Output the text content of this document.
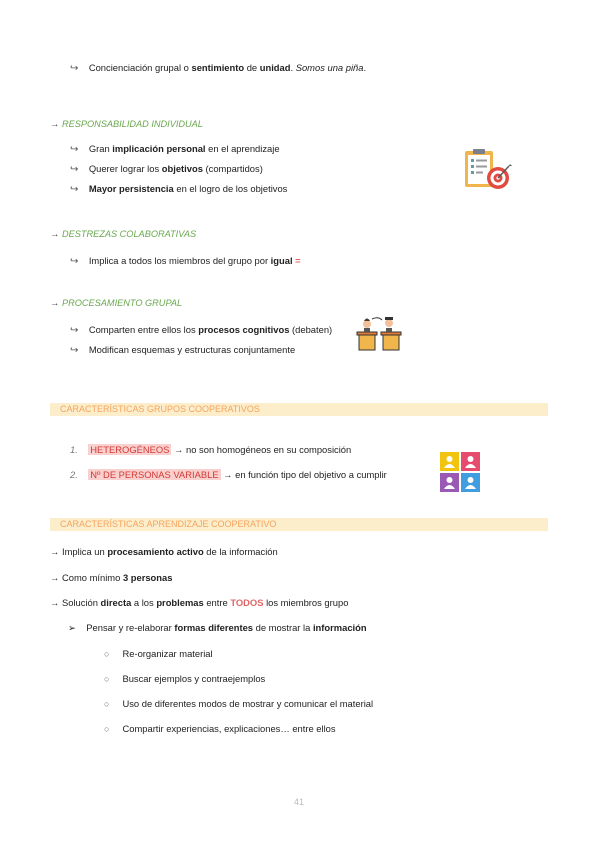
↪ Concienciación grupal o sentimiento de unidad. Somos una piña.
→ RESPONSABILIDAD INDIVIDUAL
↪ Gran implicación personal en el aprendizaje
↪ Querer lograr los objetivos (compartidos)
↪ Mayor persistencia en el logro de los objetivos
→ DESTREZAS COLABORATIVAS
↪ Implica a todos los miembros del grupo por igual =
→ PROCESAMIENTO GRUPAL
↪ Comparten entre ellos los procesos cognitivos (debaten)
↪ Modifican esquemas y estructuras conjuntamente
CARACTERÍSTICAS GRUPOS COOPERATIVOS
1. HETEROGÉNEOS → no son homogéneos en su composición
2. Nº DE PERSONAS VARIABLE → en función tipo del objetivo a cumplir
CARACTERÍSTICAS APRENDIZAJE COOPERATIVO
→ Implica un procesamiento activo de la información
→ Como mínimo 3 personas
→ Solución directa a los problemas entre TODOS los miembros grupo
➢ Pensar y re-elaborar formas diferentes de mostrar la información
○ Re-organizar material
○ Buscar ejemplos y contraejemplos
○ Uso de diferentes modos de mostrar y comunicar el material
○ Compartir experiencias, explicaciones… entre ellos
41
